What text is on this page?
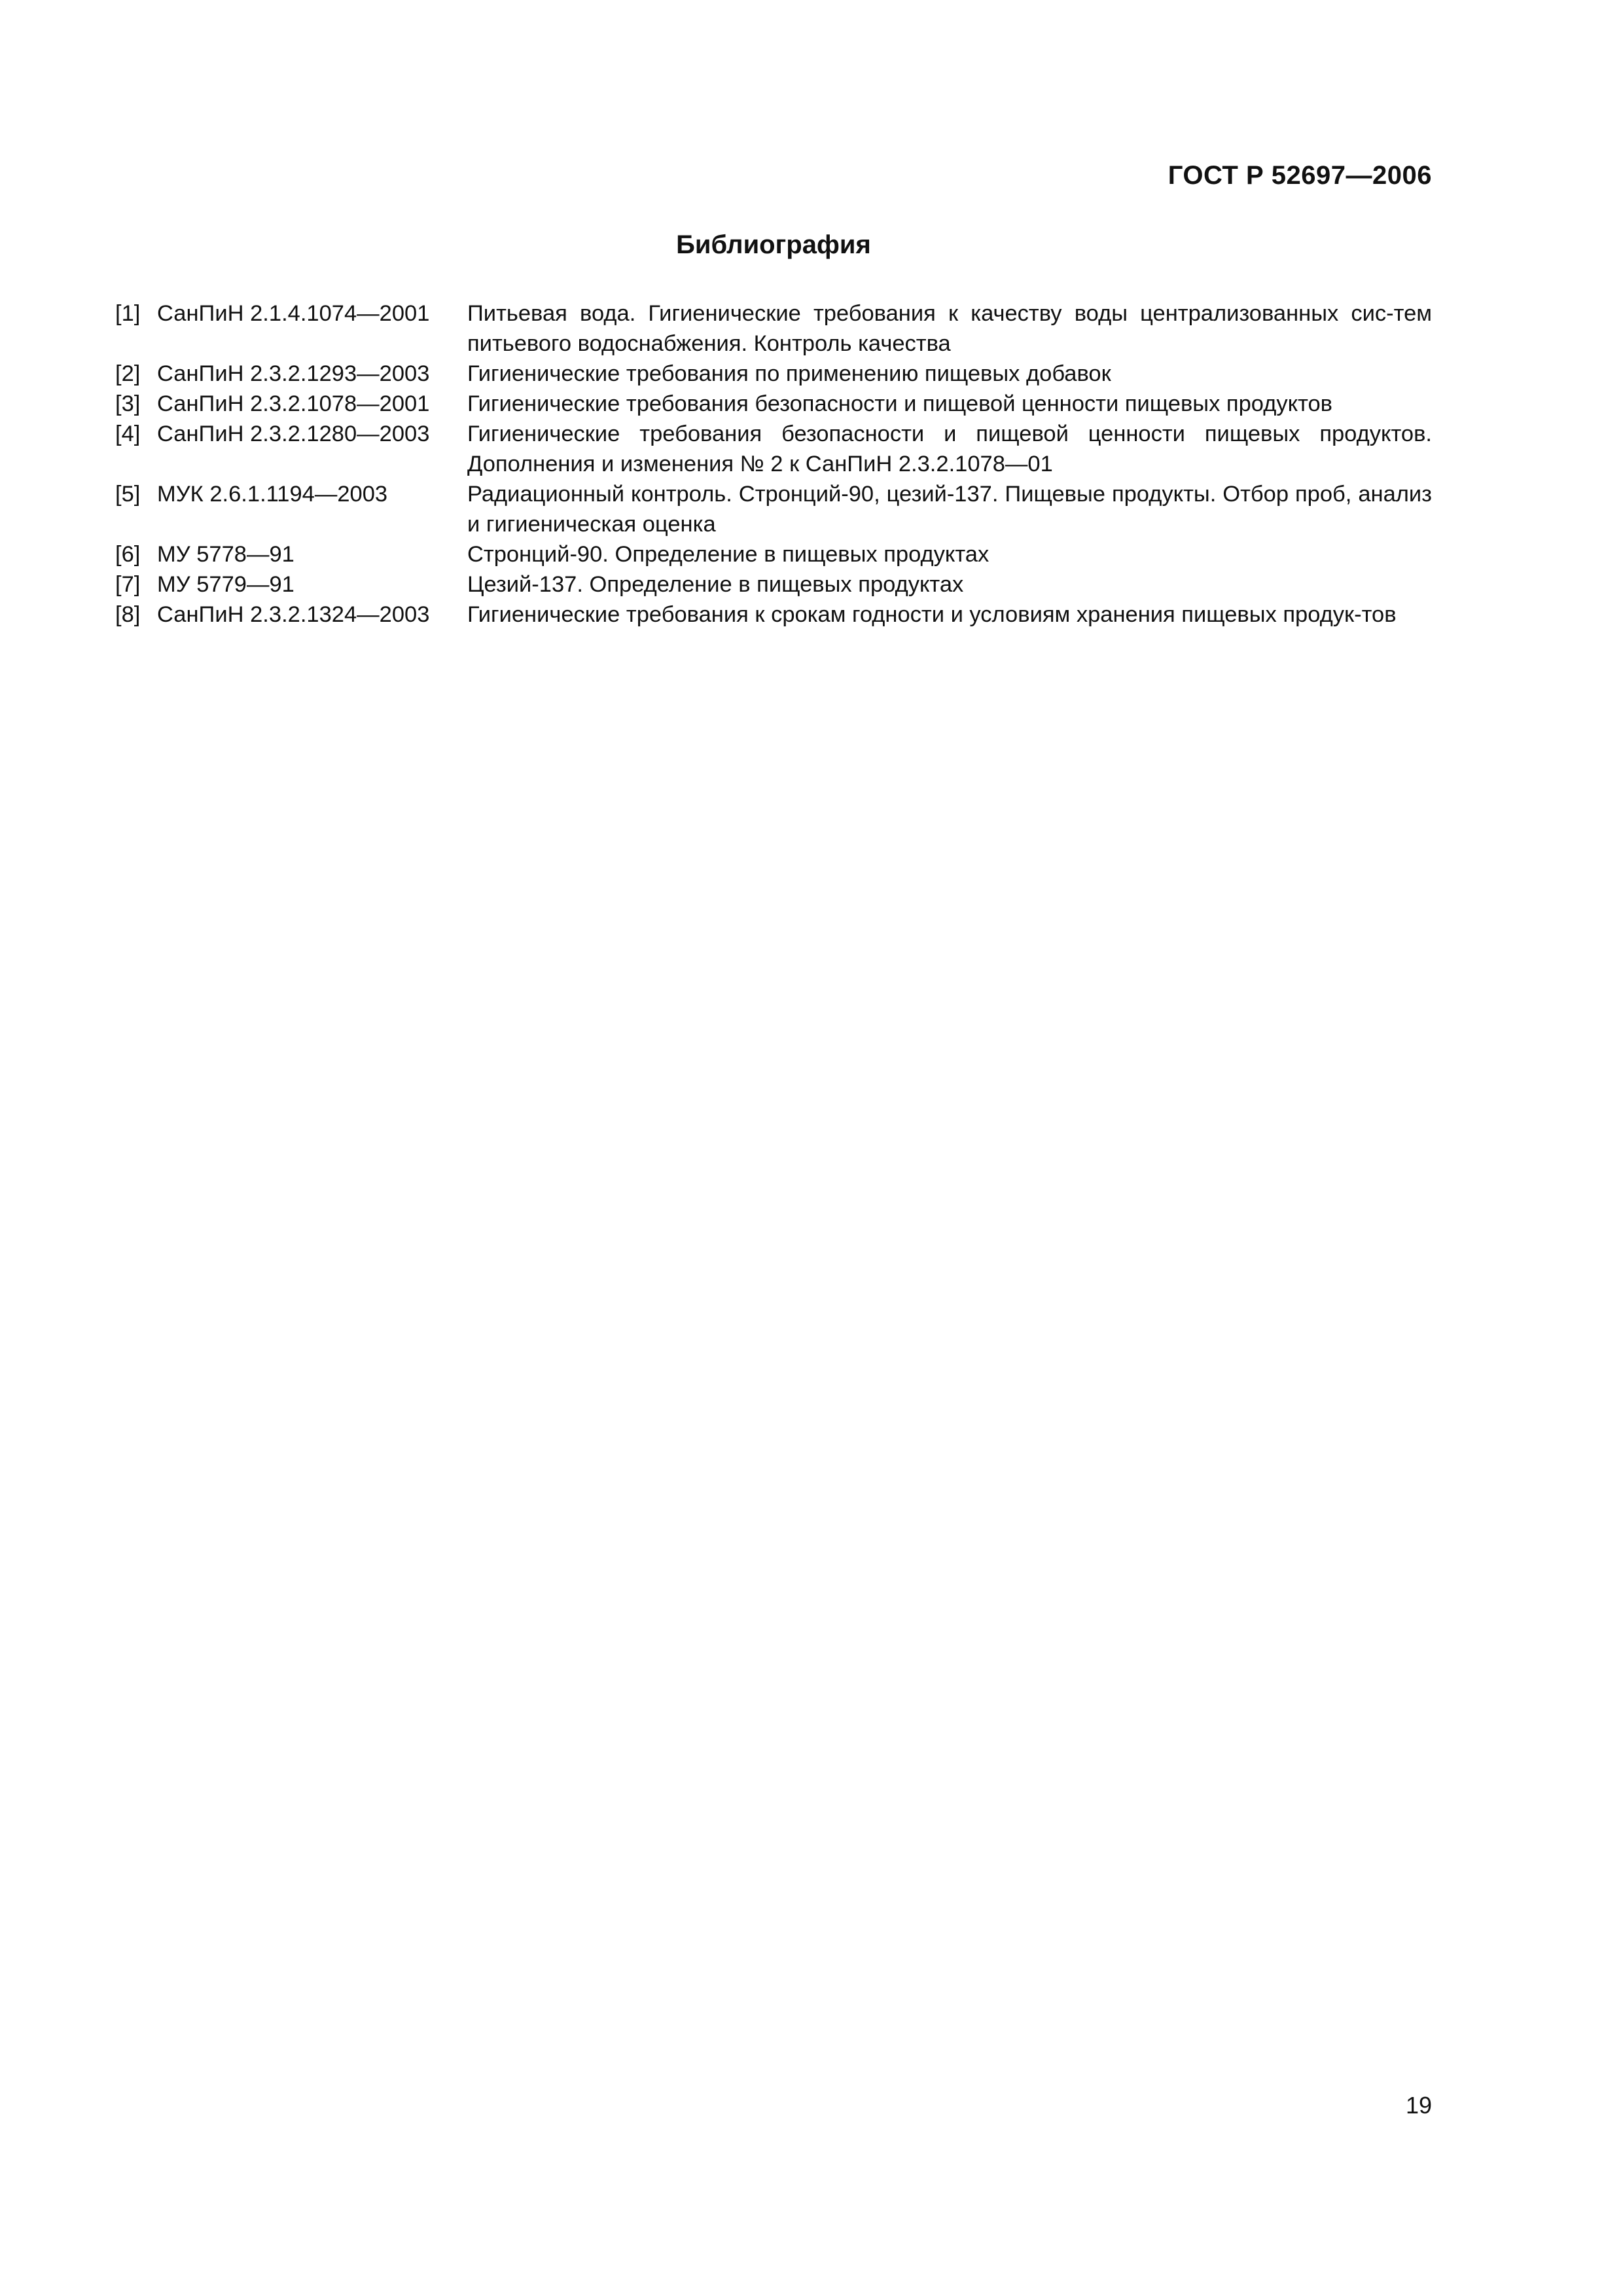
ГОСТ Р 52697—2006
Библиография
[1] СанПиН 2.1.4.1074—2001	Питьевая вода. Гигиенические требования к качеству воды централизованных сис-тем питьевого водоснабжения. Контроль качества
[2] СанПиН 2.3.2.1293—2003	Гигиенические требования по применению пищевых добавок
[3] СанПиН 2.3.2.1078—2001	Гигиенические требования безопасности и пищевой ценности пищевых продуктов
[4] СанПиН 2.3.2.1280—2003	Гигиенические требования безопасности и пищевой ценности пищевых продуктов. Дополнения и изменения № 2 к СанПиН 2.3.2.1078—01
[5] МУК 2.6.1.1194—2003	Радиационный контроль. Стронций-90, цезий-137. Пищевые продукты. Отбор проб, анализ и гигиеническая оценка
[6] МУ 5778—91	Стронций-90. Определение в пищевых продуктах
[7] МУ 5779—91	Цезий-137. Определение в пищевых продуктах
[8] СанПиН 2.3.2.1324—2003	Гигиенические требования к срокам годности и условиям хранения пищевых продук-тов
19
